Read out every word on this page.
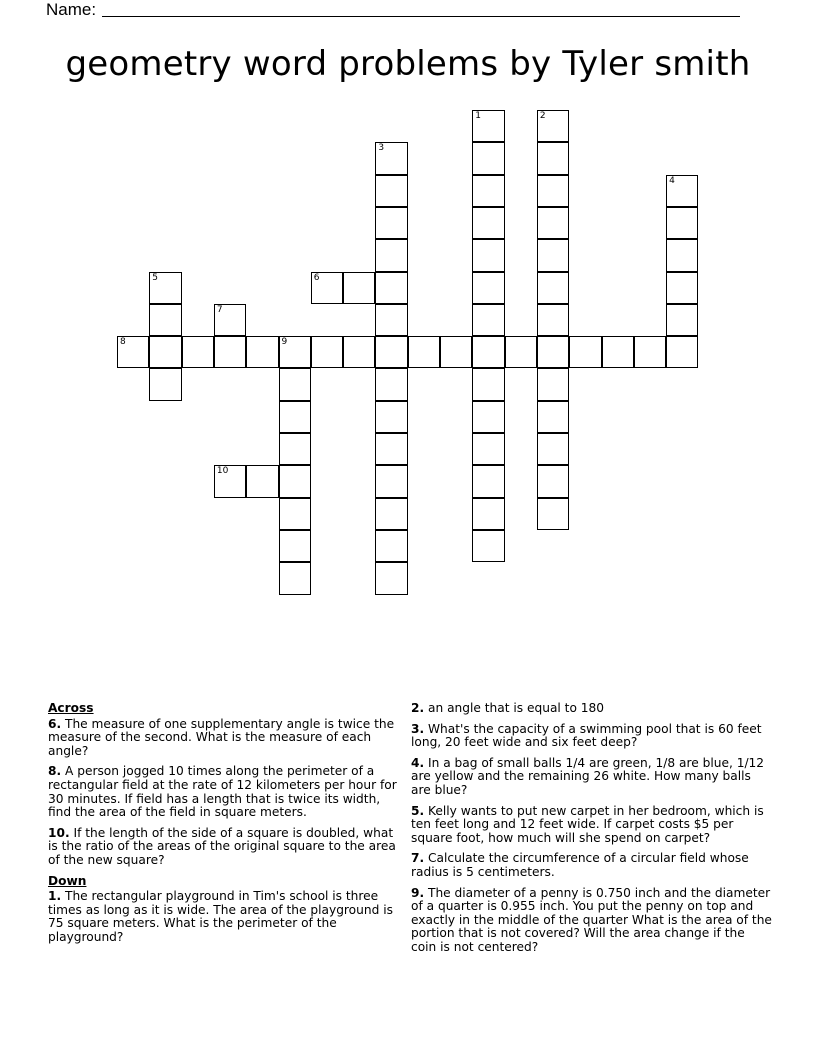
Name:
geometry word problems by Tyler smith
1	2
3
4
5	6
7
8	9
10
Across
6. The measure of one supplementary angle is twice the measure of the second. What is the measure of each angle?
8. A person jogged 10 times along the perimeter of a rectangular field at the rate of 12 kilometers per hour for 30 minutes. If field has a length that is twice its width, find the area of the field in square meters.
10. If the length of the side of a square is doubled, what is the ratio of the areas of the original square to the area of the new square?
Down
1. The rectangular playground in Tim's school is three times as long as it is wide. The area of the playground is 75 square meters. What is the perimeter of the playground?
2. an angle that is equal to 180
3. What's the capacity of a swimming pool that is 60 feet long, 20 feet wide and six feet deep?
4. In a bag of small balls 1/4 are green, 1/8 are blue, 1/12 are yellow and the remaining 26 white. How many balls are blue?
5. Kelly wants to put new carpet in her bedroom, which is ten feet long and 12 feet wide. If carpet costs $5 per square foot, how much will she spend on carpet?
7. Calculate the circumference of a circular field whose radius is 5 centimeters.
9. The diameter of a penny is 0.750 inch and the diameter of a quarter is 0.955 inch. You put the penny on top and exactly in the middle of the quarter What is the area of the portion that is not covered? Will the area change if the coin is not centered?
